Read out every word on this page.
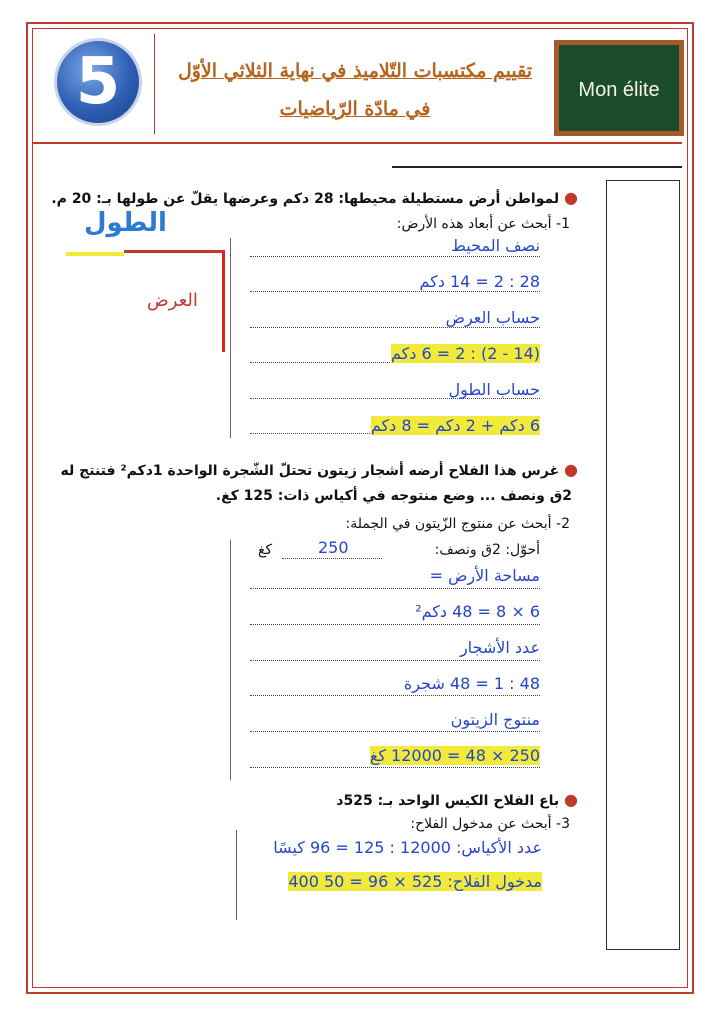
5	تقييم مكتسبات التّلاميذ في نهاية الثلاثي الأوّل
في مادّة الرّياضيات
Mon élite
● لمواطن أرض مستطيلة محيطها: 28 دكم وعرضها يقلّ عن طولها بـ: 20 م.
1- أبحث عن أبعاد هذه الأرض:
الطول
العرض
نصف المحيط
28 : 2 = 14 دكم
حساب العرض
(14 - 2) : 2 = 6 دكم
حساب الطول
6 دكم + 2 دكم = 8 دكم
● غرس هذا الفلاح أرضه أشجار زيتون تحتلّ الشّجرة الواحدة 1دكم² فتنتج له
2ق ونصف ... وضع منتوجه في أكياس ذات: 125 كغ.
2- أبحث عن منتوج الزّيتون في الجملة:
أحوّل: 2ق ونصف:
250
كغ
مساحة الأرض =
6 × 8 = 48 دكم²
عدد الأشجار
48 : 1 = 48 شجرة
منتوج الزيتون
250 × 48 = 12000 كغ
● باع الفلاح الكيس الواحد بـ: 525د
3- أبحث عن مدخول الفلاح:
عدد الأكياس: 12000 : 125 = 96 كيسًا
مدخول الفلاح: 525 × 96 = 50 400
